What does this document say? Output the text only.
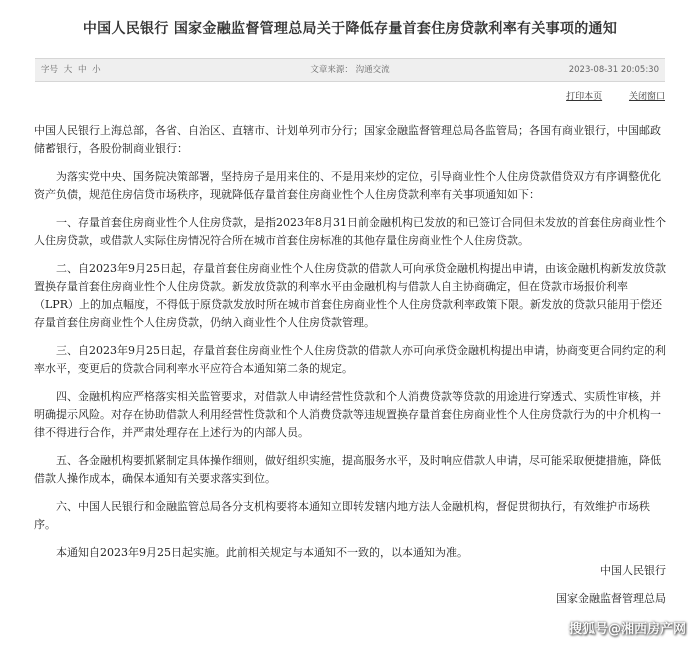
中国人民银行 国家金融监督管理总局关于降低存量首套住房贷款利率有关事项的通知
字号 大 中 小	文章来源： 沟通交流	2023-08-31 20:05:30
打印本页	关闭窗口

中国人民银行上海总部，各省、自治区、直辖市、计划单列市分行；国家金融监督管理总局各监管局；各国有商业银行，中国邮政储蓄银行，各股份制商业银行：

为落实党中央、国务院决策部署，坚持房子是用来住的、不是用来炒的定位，引导商业性个人住房贷款借贷双方有序调整优化资产负债，规范住房信贷市场秩序，现就降低存量首套住房商业性个人住房贷款利率有关事项通知如下：

一、存量首套住房商业性个人住房贷款，是指2023年8月31日前金融机构已发放的和已签订合同但未发放的首套住房商业性个人住房贷款，或借款人实际住房情况符合所在城市首套住房标准的其他存量住房商业性个人住房贷款。

二、自2023年9月25日起，存量首套住房商业性个人住房贷款的借款人可向承贷金融机构提出申请，由该金融机构新发放贷款置换存量首套住房商业性个人住房贷款。新发放贷款的利率水平由金融机构与借款人自主协商确定，但在贷款市场报价利率（LPR）上的加点幅度，不得低于原贷款发放时所在城市首套住房商业性个人住房贷款利率政策下限。新发放的贷款只能用于偿还存量首套住房商业性个人住房贷款，仍纳入商业性个人住房贷款管理。

三、自2023年9月25日起，存量首套住房商业性个人住房贷款的借款人亦可向承贷金融机构提出申请，协商变更合同约定的利率水平，变更后的贷款合同利率水平应符合本通知第二条的规定。

四、金融机构应严格落实相关监管要求，对借款人申请经营性贷款和个人消费贷款等贷款的用途进行穿透式、实质性审核，并明确提示风险。对存在协助借款人利用经营性贷款和个人消费贷款等违规置换存量首套住房商业性个人住房贷款行为的中介机构一律不得进行合作，并严肃处理存在上述行为的内部人员。

五、各金融机构要抓紧制定具体操作细则，做好组织实施，提高服务水平，及时响应借款人申请，尽可能采取便捷措施，降低借款人操作成本，确保本通知有关要求落实到位。

六、中国人民银行和金融监管总局各分支机构要将本通知立即转发辖内地方法人金融机构，督促贯彻执行，有效维护市场秩序。

本通知自2023年9月25日起实施。此前相关规定与本通知不一致的，以本通知为准。

中国人民银行
国家金融监督管理总局
搜狐号@湘西房产网
